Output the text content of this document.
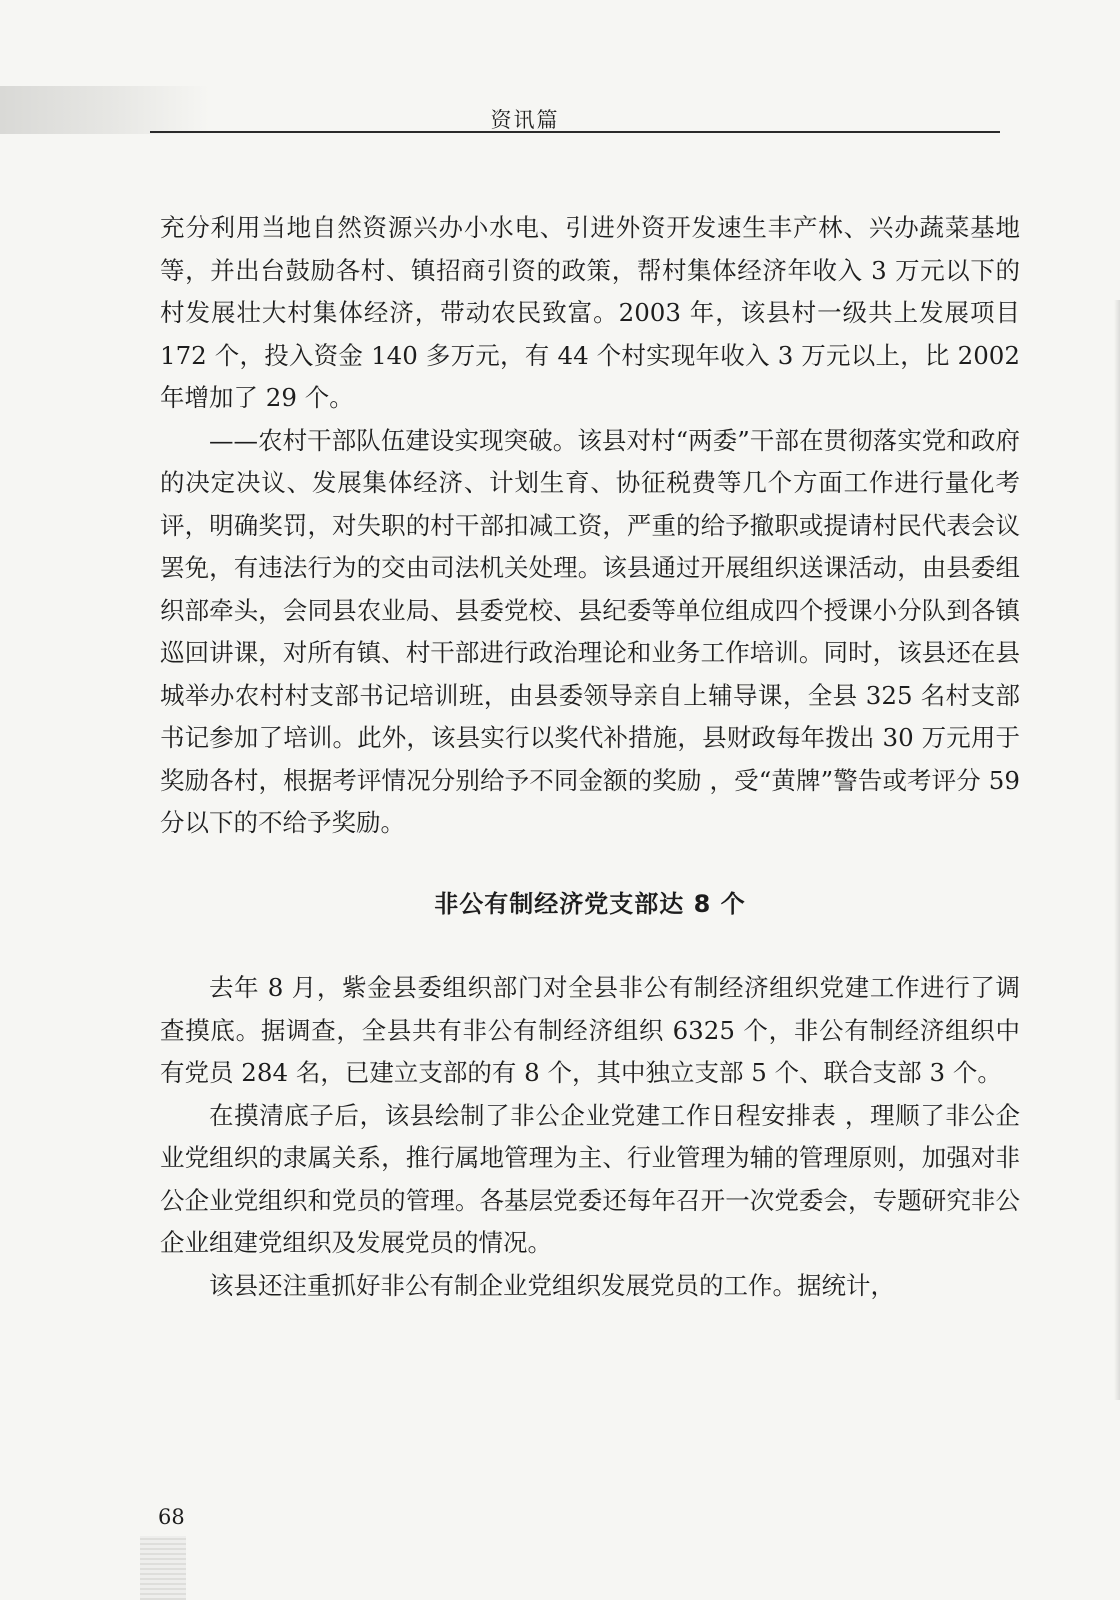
资讯篇

充分利用当地自然资源兴办小水电、引进外资开发速生丰产林、兴办蔬菜基地等，并出台鼓励各村、镇招商引资的政策，帮村集体经济年收入 3 万元以下的村发展壮大村集体经济，带动农民致富。2003 年，该县村一级共上发展项目 172 个，投入资金 140 多万元，有 44 个村实现年收入 3 万元以上，比 2002 年增加了 29 个。

——农村干部队伍建设实现突破。该县对村“两委”干部在贯彻落实党和政府的决定决议、发展集体经济、计划生育、协征税费等几个方面工作进行量化考评，明确奖罚，对失职的村干部扣减工资，严重的给予撤职或提请村民代表会议罢免，有违法行为的交由司法机关处理。该县通过开展组织送课活动，由县委组织部牵头，会同县农业局、县委党校、县纪委等单位组成四个授课小分队到各镇巡回讲课，对所有镇、村干部进行政治理论和业务工作培训。同时，该县还在县城举办农村村支部书记培训班，由县委领导亲自上辅导课，全县 325 名村支部书记参加了培训。此外，该县实行以奖代补措施，县财政每年拨出 30 万元用于奖励各村，根据考评情况分别给予不同金额的奖励 ，受“黄牌”警告或考评分 59 分以下的不给予奖励。

非公有制经济党支部达 8 个

去年 8 月，紫金县委组织部门对全县非公有制经济组织党建工作进行了调查摸底。据调查，全县共有非公有制经济组织 6325 个，非公有制经济组织中有党员 284 名，已建立支部的有 8 个，其中独立支部 5 个、联合支部 3 个。

在摸清底子后，该县绘制了非公企业党建工作日程安排表 ，理顺了非公企业党组织的隶属关系，推行属地管理为主、行业管理为辅的管理原则，加强对非公企业党组织和党员的管理。各基层党委还每年召开一次党委会，专题研究非公企业组建党组织及发展党员的情况。

该县还注重抓好非公有制企业党组织发展党员的工作。据统计，

68
